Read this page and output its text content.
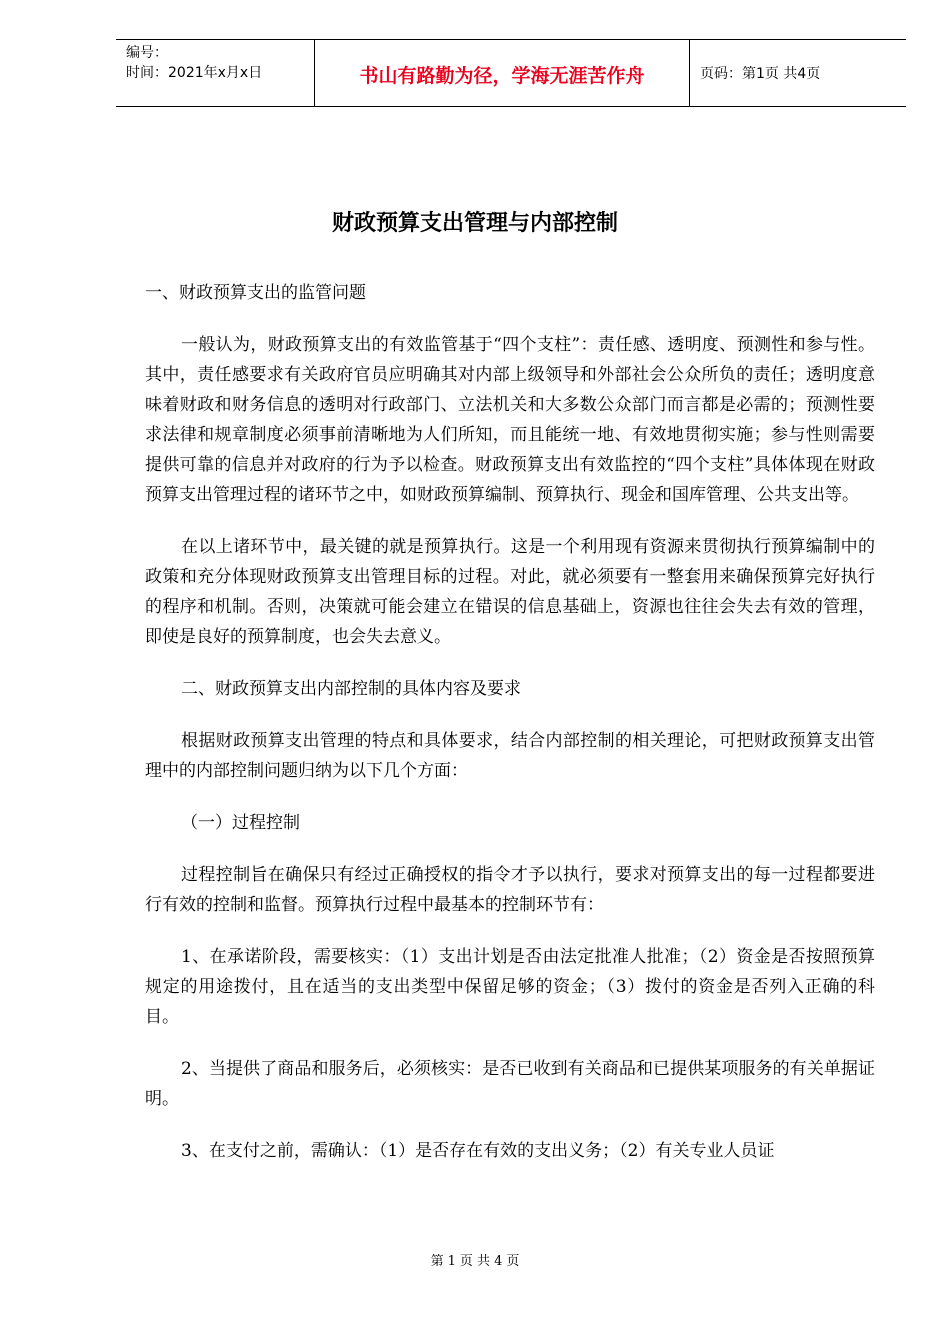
编号：
时间：2021年x月x日	书山有路勤为径，学海无涯苦作舟	页码：第1页 共4页
财政预算支出管理与内部控制

一、财政预算支出的监管问题

一般认为，财政预算支出的有效监管基于“四个支柱”：责任感、透明度、预测性和参与性。其中，责任感要求有关政府官员应明确其对内部上级领导和外部社会公众所负的责任；透明度意味着财政和财务信息的透明对行政部门、立法机关和大多数公众部门而言都是必需的；预测性要求法律和规章制度必须事前清晰地为人们所知，而且能统一地、有效地贯彻实施；参与性则需要提供可靠的信息并对政府的行为予以检查。财政预算支出有效监控的“四个支柱”具体体现在财政预算支出管理过程的诸环节之中，如财政预算编制、预算执行、现金和国库管理、公共支出等。

在以上诸环节中，最关键的就是预算执行。这是一个利用现有资源来贯彻执行预算编制中的政策和充分体现财政预算支出管理目标的过程。对此，就必须要有一整套用来确保预算完好执行的程序和机制。否则，决策就可能会建立在错误的信息基础上，资源也往往会失去有效的管理，即使是良好的预算制度，也会失去意义。

二、财政预算支出内部控制的具体内容及要求

根据财政预算支出管理的特点和具体要求，结合内部控制的相关理论，可把财政预算支出管理中的内部控制问题归纳为以下几个方面：

（一）过程控制

过程控制旨在确保只有经过正确授权的指令才予以执行，要求对预算支出的每一过程都要进行有效的控制和监督。预算执行过程中最基本的控制环节有：

1、在承诺阶段，需要核实：（1）支出计划是否由法定批准人批准；（2）资金是否按照预算规定的用途拨付，且在适当的支出类型中保留足够的资金；（3）拨付的资金是否列入正确的科目。

2、当提供了商品和服务后，必须核实：是否已收到有关商品和已提供某项服务的有关单据证明。

3、在支付之前，需确认：（1）是否存在有效的支出义务；（2）有关专业人员证

第 1 页 共 4 页
